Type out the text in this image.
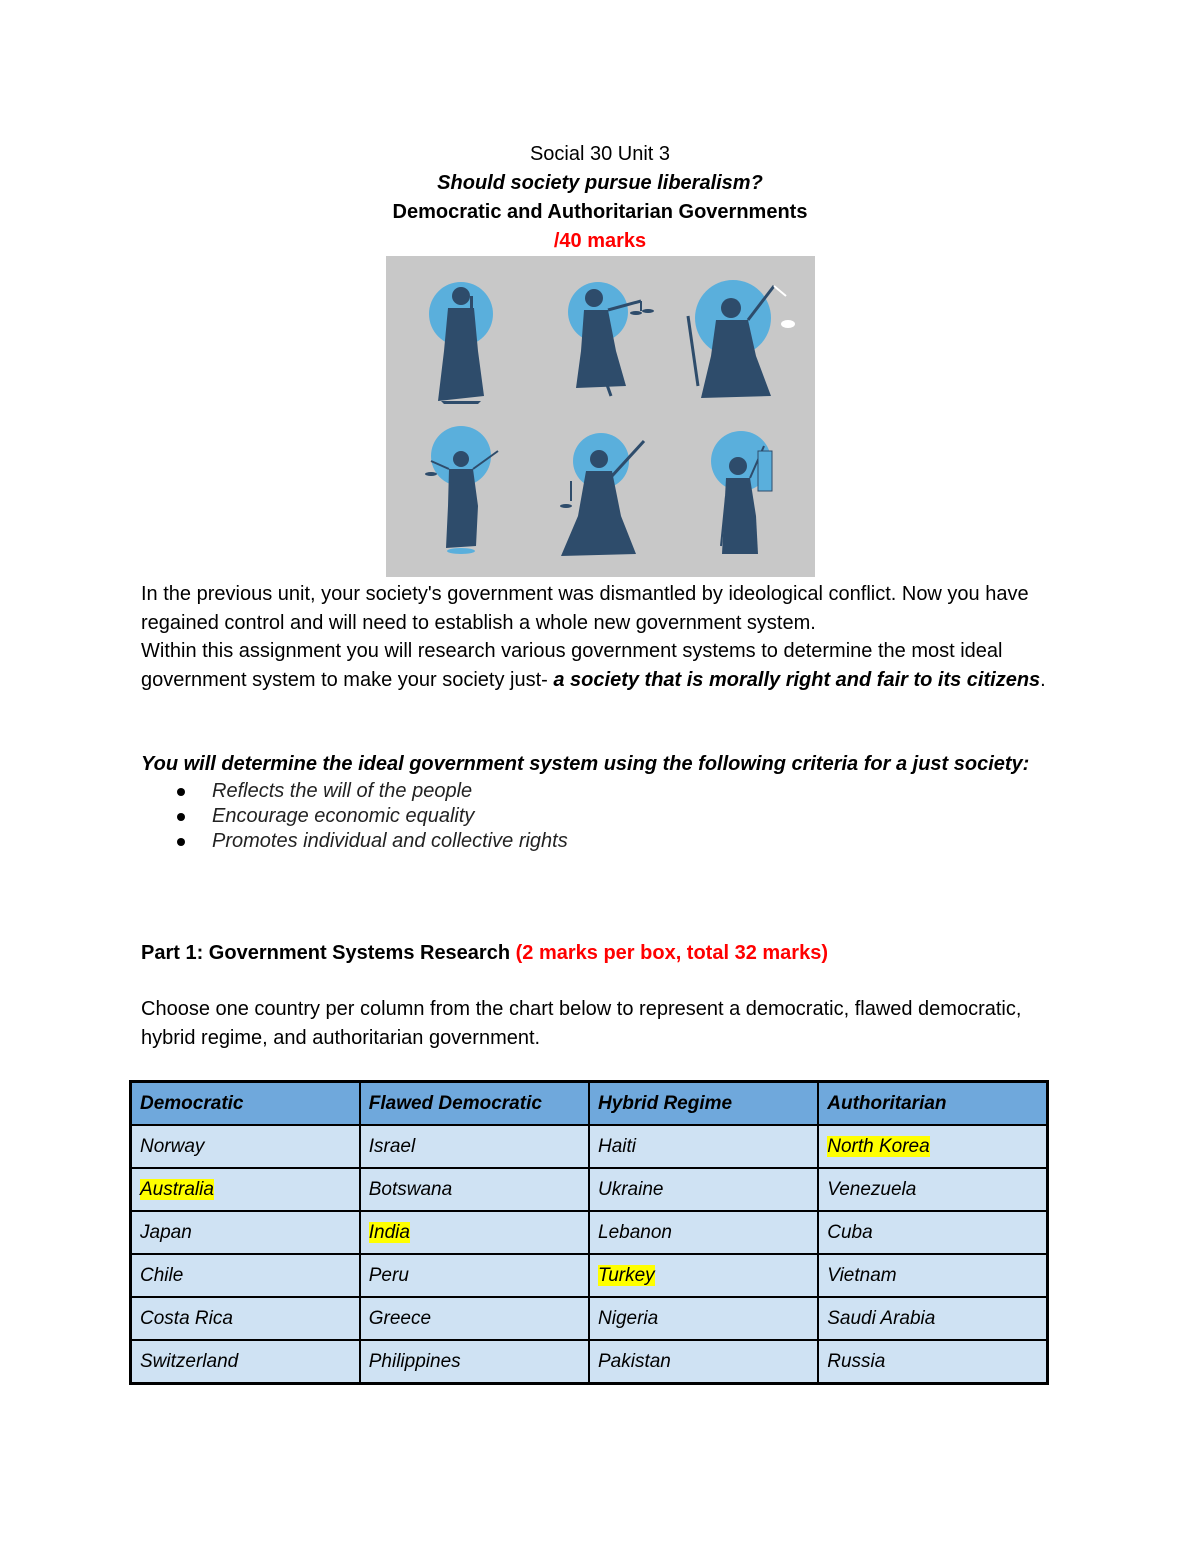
Social 30 Unit 3
Should society pursue liberalism?
Democratic and Authoritarian Governments
/40 marks

In the previous unit, your society's government was dismantled by ideological conflict. Now you have regained control and will need to establish a whole new government system.

Within this assignment you will research various government systems to determine the most ideal government system to make your society just- a society that is morally right and fair to its citizens.

You will determine the ideal government system using the following criteria for a just society:
Reflects the will of the people
Encourage economic equality
Promotes individual and collective rights
Part 1: Government Systems Research (2 marks per box, total 32 marks)
Choose one country per column from the chart below to represent a democratic, flawed democratic, hybrid regime, and authoritarian government.
Democratic	Flawed Democratic	Hybrid Regime	Authoritarian
Norway	Israel	Haiti	North Korea
Australia	Botswana	Ukraine	Venezuela
Japan	India	Lebanon	Cuba
Chile	Peru	Turkey	Vietnam
Costa Rica	Greece	Nigeria	Saudi Arabia
Switzerland	Philippines	Pakistan	Russia
